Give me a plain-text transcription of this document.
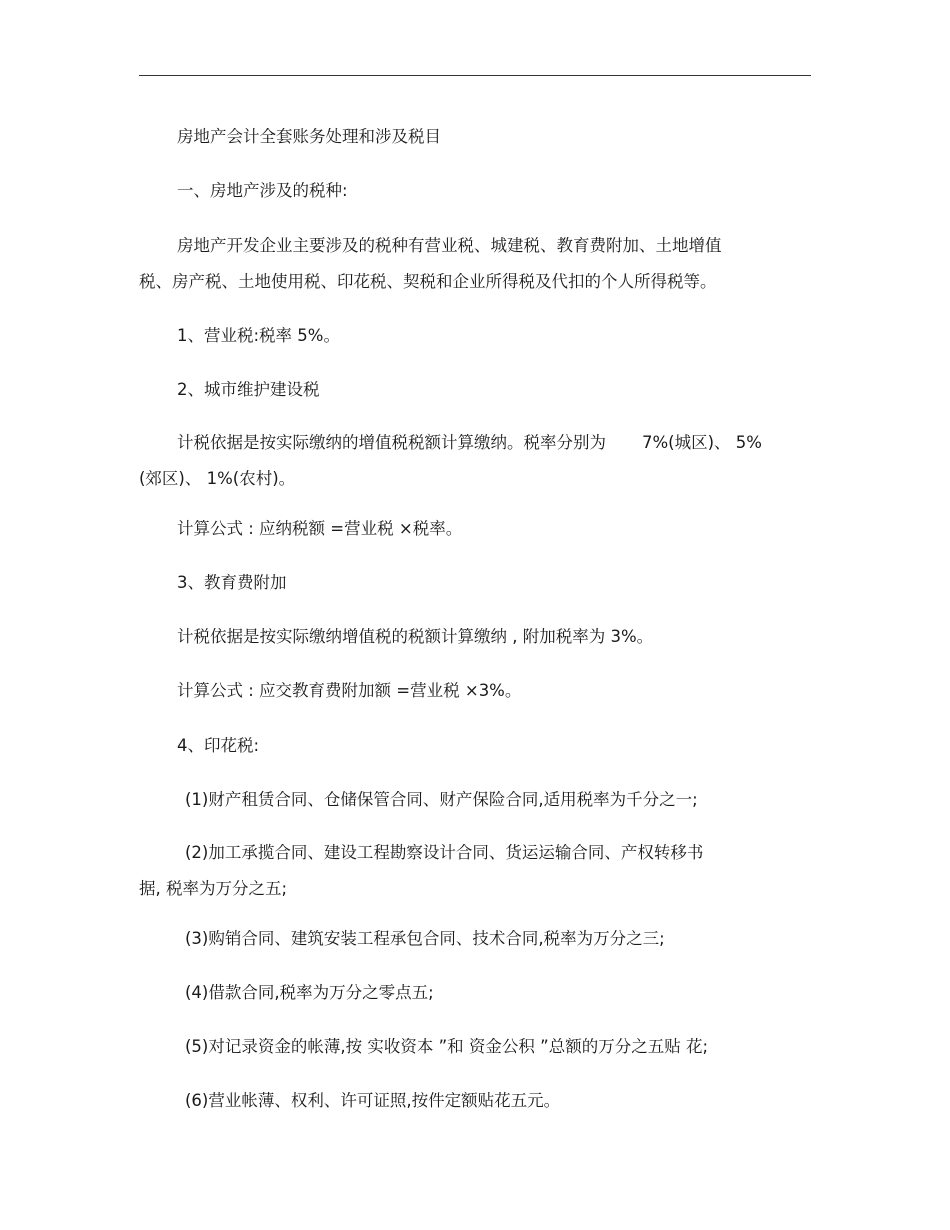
房地产会计全套账务处理和涉及税目

一、房地产涉及的税种:

房地产开发企业主要涉及的税种有营业税、城建税、教育费附加、土地增值
税、房产税、土地使用税、印花税、契税和企业所得税及代扣的个人所得税等。

1、营业税:税率 5%。

2、城市维护建设税

计税依据是按实际缴纳的增值税税额计算缴纳。税率分别为 7%(城区)、 5%
(郊区)、 1%(农村)。

计算公式 : 应纳税额 =营业税 ×税率。

3、教育费附加

计税依据是按实际缴纳增值税的税额计算缴纳 , 附加税率为 3%。

计算公式 : 应交教育费附加额 =营业税 ×3%。

4、印花税:

(1)财产租赁合同、仓储保管合同、财产保险合同,适用税率为千分之一;

(2)加工承揽合同、建设工程勘察设计合同、货运运输合同、产权转移书
据, 税率为万分之五;

(3)购销合同、建筑安装工程承包合同、技术合同,税率为万分之三;

(4)借款合同,税率为万分之零点五;

(5)对记录资金的帐薄,按 实收资本 ”和 资金公积 ”总额的万分之五贴 花;

(6)营业帐薄、权利、许可证照,按件定额贴花五元。
